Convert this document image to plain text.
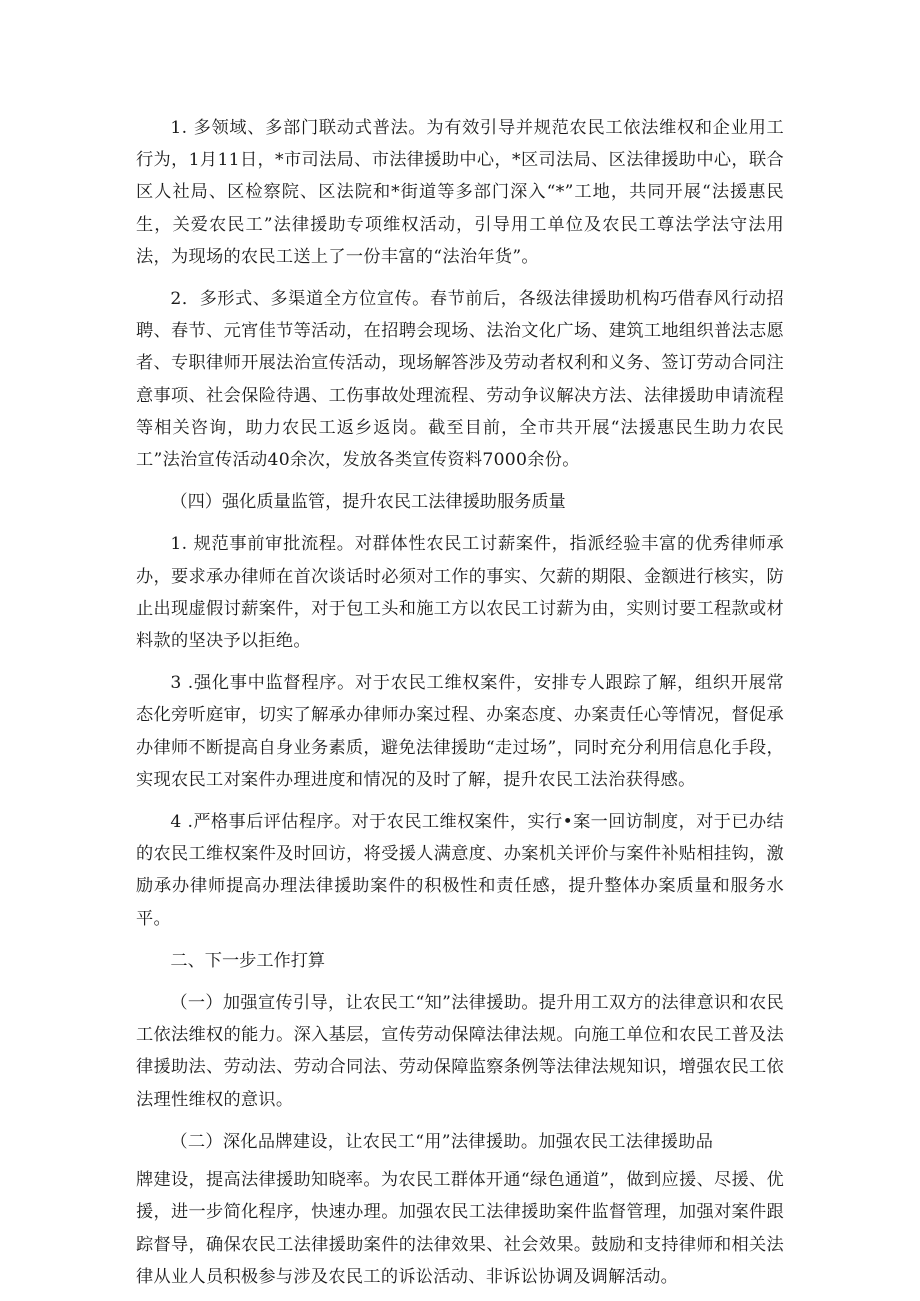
1. 多领域、多部门联动式普法。为有效引导并规范农民工依法维权和企业用工行为，1月11日，*市司法局、市法律援助中心，*区司法局、区法律援助中心，联合区人社局、区检察院、区法院和*街道等多部门深入“*”工地，共同开展“法援惠民生，关爱农民工”法律援助专项维权活动，引导用工单位及农民工尊法学法守法用法，为现场的农民工送上了一份丰富的“法治年货”。

2．多形式、多渠道全方位宣传。春节前后，各级法律援助机构巧借春风行动招聘、春节、元宵佳节等活动，在招聘会现场、法治文化广场、建筑工地组织普法志愿者、专职律师开展法治宣传活动，现场解答涉及劳动者权利和义务、签订劳动合同注意事项、社会保险待遇、工伤事故处理流程、劳动争议解决方法、法律援助申请流程等相关咨询，助力农民工返乡返岗。截至目前，全市共开展“法援惠民生助力农民工”法治宣传活动40余次，发放各类宣传资料7000余份。

（四）强化质量监管，提升农民工法律援助服务质量

1. 规范事前审批流程。对群体性农民工讨薪案件，指派经验丰富的优秀律师承办，要求承办律师在首次谈话时必须对工作的事实、欠薪的期限、金额进行核实，防止出现虚假讨薪案件，对于包工头和施工方以农民工讨薪为由，实则讨要工程款或材料款的坚决予以拒绝。

3 .强化事中监督程序。对于农民工维权案件，安排专人跟踪了解，组织开展常态化旁听庭审，切实了解承办律师办案过程、办案态度、办案责任心等情况，督促承办律师不断提高自身业务素质，避免法律援助“走过场”，同时充分利用信息化手段，实现农民工对案件办理进度和情况的及时了解，提升农民工法治获得感。

4 .严格事后评估程序。对于农民工维权案件，实行•案一回访制度，对于已办结的农民工维权案件及时回访，将受援人满意度、办案机关评价与案件补贴相挂钩，激励承办律师提高办理法律援助案件的积极性和责任感，提升整体办案质量和服务水平。

二、下一步工作打算

（一）加强宣传引导，让农民工“知”法律援助。提升用工双方的法律意识和农民工依法维权的能力。深入基层，宣传劳动保障法律法规。向施工单位和农民工普及法律援助法、劳动法、劳动合同法、劳动保障监察条例等法律法规知识，增强农民工依法理性维权的意识。

（二）深化品牌建设，让农民工“用”法律援助。加强农民工法律援助品
牌建设，提高法律援助知晓率。为农民工群体开通“绿色通道”，做到应援、尽援、优援，进一步简化程序，快速办理。加强农民工法律援助案件监督管理，加强对案件跟踪督导，确保农民工法律援助案件的法律效果、社会效果。鼓励和支持律师和相关法律从业人员积极参与涉及农民工的诉讼活动、非诉讼协调及调解活动。
